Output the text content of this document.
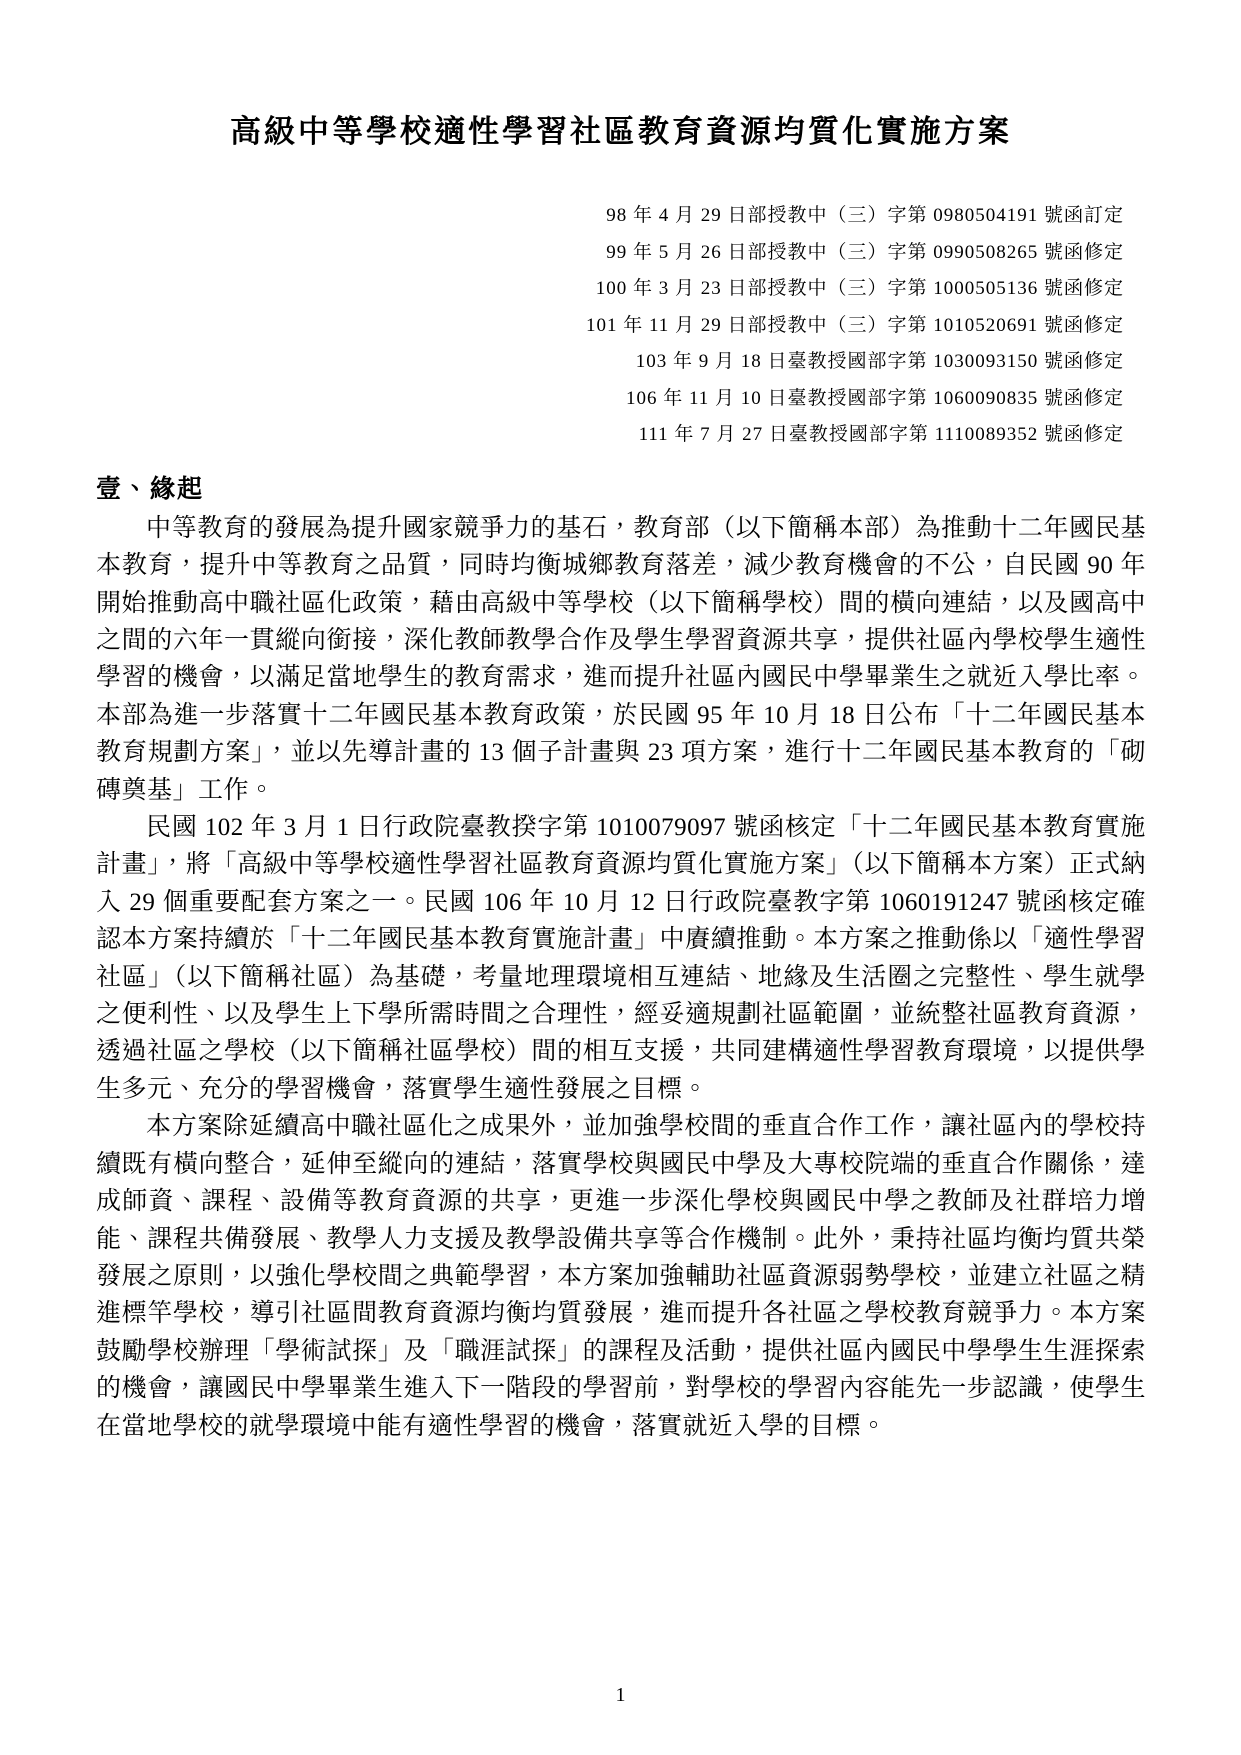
高級中等學校適性學習社區教育資源均質化實施方案
98 年 4 月 29 日部授教中（三）字第 0980504191 號函訂定
99 年 5 月 26 日部授教中（三）字第 0990508265 號函修定
100 年 3 月 23 日部授教中（三）字第 1000505136 號函修定
101 年 11 月 29 日部授教中（三）字第 1010520691 號函修定
103 年 9 月 18 日臺教授國部字第 1030093150 號函修定
106 年 11 月 10 日臺教授國部字第 1060090835 號函修定
111 年 7 月 27 日臺教授國部字第 1110089352 號函修定
壹、緣起

中等教育的發展為提升國家競爭力的基石，教育部（以下簡稱本部）為推動十二年國民基本教育，提升中等教育之品質，同時均衡城鄉教育落差，減少教育機會的不公，自民國 90 年開始推動高中職社區化政策，藉由高級中等學校（以下簡稱學校）間的橫向連結，以及國高中之間的六年一貫縱向銜接，深化教師教學合作及學生學習資源共享，提供社區內學校學生適性學習的機會，以滿足當地學生的教育需求，進而提升社區內國民中學畢業生之就近入學比率。本部為進一步落實十二年國民基本教育政策，於民國 95 年 10 月 18 日公布「十二年國民基本教育規劃方案」，並以先導計畫的 13 個子計畫與 23 項方案，進行十二年國民基本教育的「砌磚奠基」工作。

民國 102 年 3 月 1 日行政院臺教揆字第 1010079097 號函核定「十二年國民基本教育實施計畫」，將「高級中等學校適性學習社區教育資源均質化實施方案」（以下簡稱本方案）正式納入 29 個重要配套方案之一。民國 106 年 10 月 12 日行政院臺教字第 1060191247 號函核定確認本方案持續於「十二年國民基本教育實施計畫」中賡續推動。本方案之推動係以「適性學習社區」（以下簡稱社區）為基礎，考量地理環境相互連結、地緣及生活圈之完整性、學生就學之便利性、以及學生上下學所需時間之合理性，經妥適規劃社區範圍，並統整社區教育資源，透過社區之學校（以下簡稱社區學校）間的相互支援，共同建構適性學習教育環境，以提供學生多元、充分的學習機會，落實學生適性發展之目標。

本方案除延續高中職社區化之成果外，並加強學校間的垂直合作工作，讓社區內的學校持續既有橫向整合，延伸至縱向的連結，落實學校與國民中學及大專校院端的垂直合作關係，達成師資、課程、設備等教育資源的共享，更進一步深化學校與國民中學之教師及社群培力增能、課程共備發展、教學人力支援及教學設備共享等合作機制。此外，秉持社區均衡均質共榮發展之原則，以強化學校間之典範學習，本方案加強輔助社區資源弱勢學校，並建立社區之精進標竿學校，導引社區間教育資源均衡均質發展，進而提升各社區之學校教育競爭力。本方案鼓勵學校辦理「學術試探」及「職涯試探」的課程及活動，提供社區內國民中學學生生涯探索的機會，讓國民中學畢業生進入下一階段的學習前，對學校的學習內容能先一步認識，使學生在當地學校的就學環境中能有適性學習的機會，落實就近入學的目標。

1
